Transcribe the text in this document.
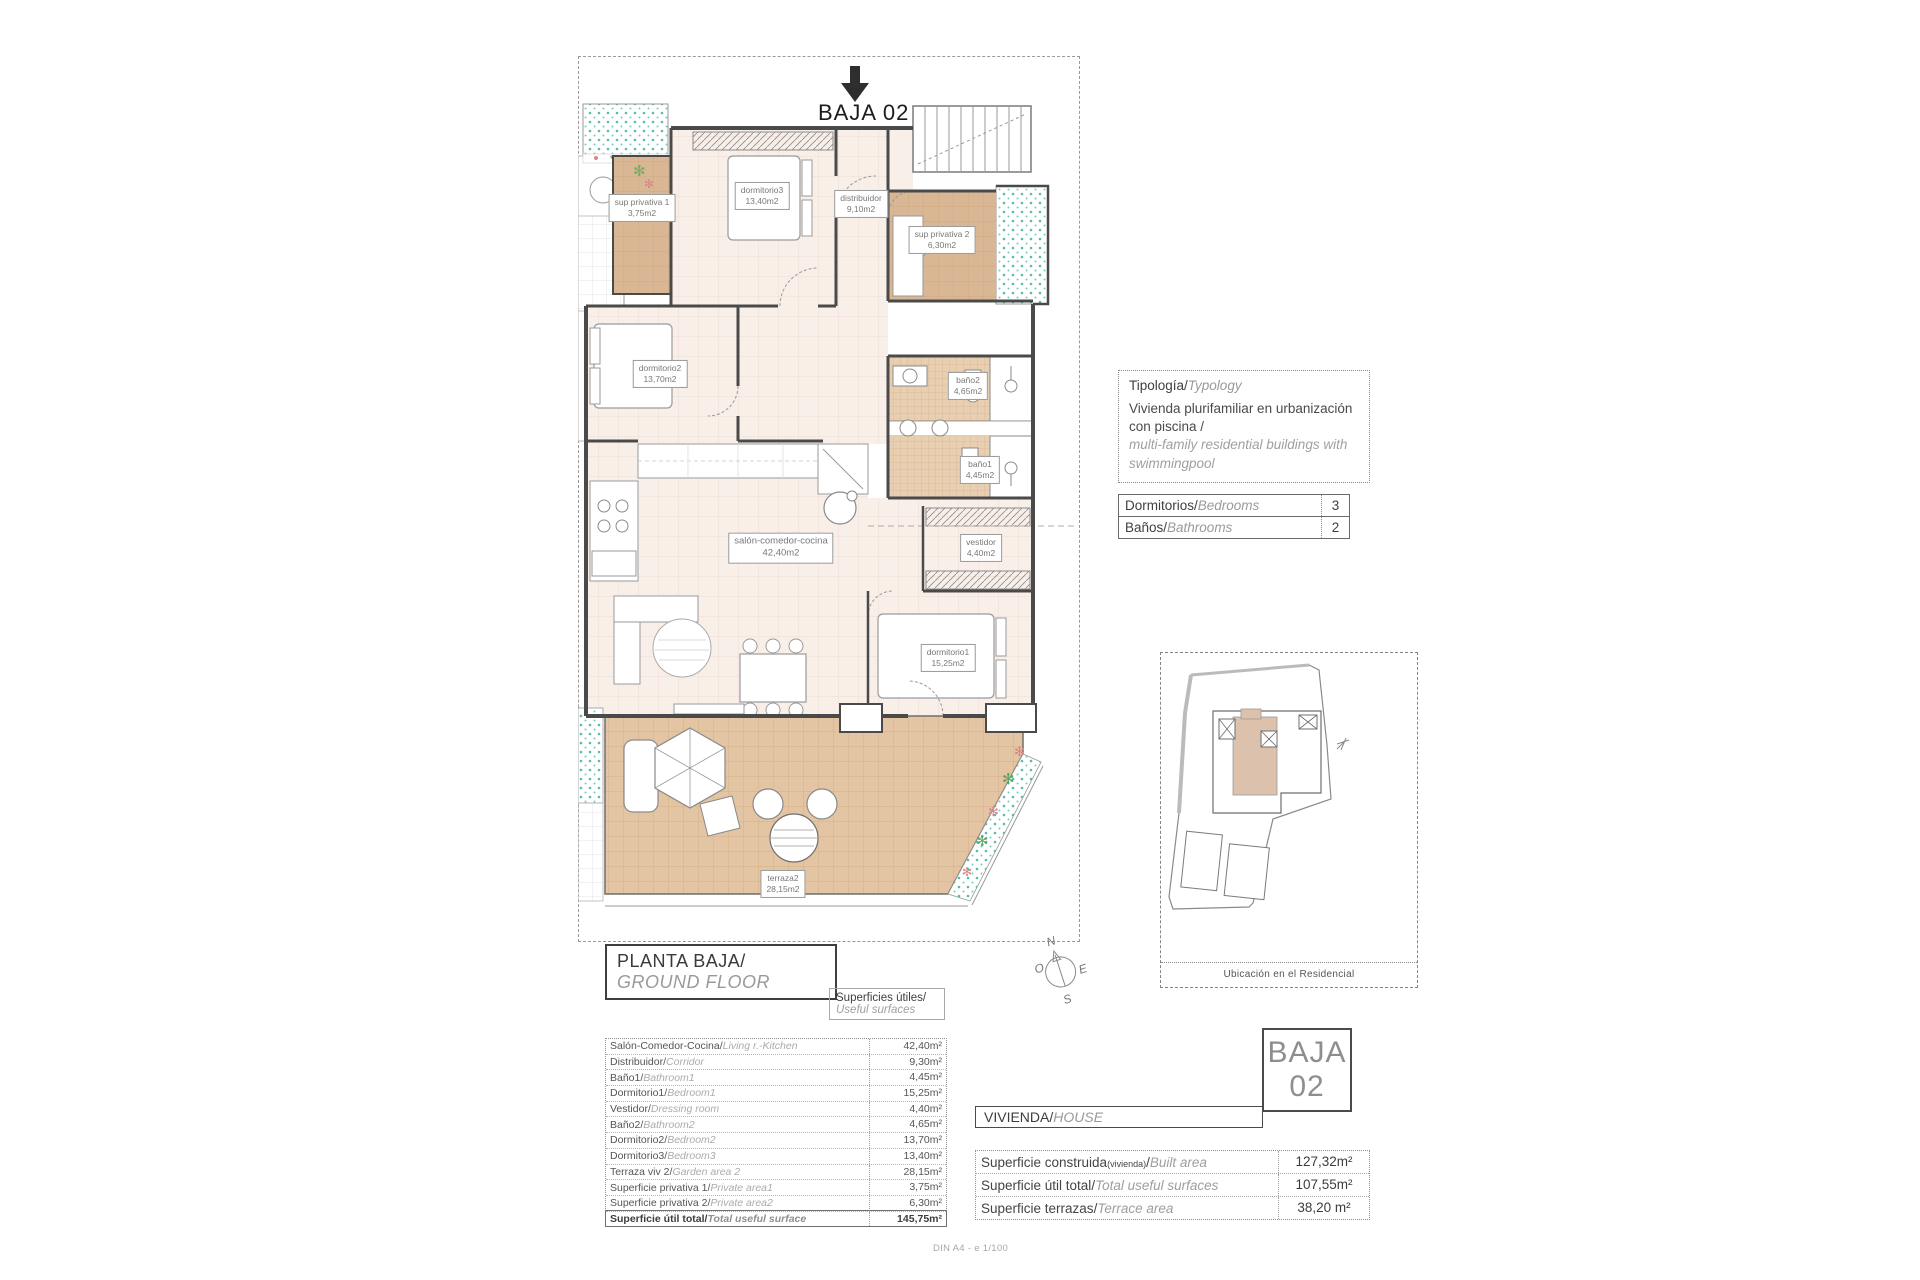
BAJA 02
✻
✻
✻
✻
✻
✻
✻
sup privativa 1
3,75m2
dormitorio3
13,40m2	distribuidor
9,10m2
sup privativa 2
6,30m2
dormitorio2
13,70m2	baño2
4,65m2
baño1
4,45m2
salón-comedor-cocina
42,40m2
vestidor
4,40m2
dormitorio1
15,25m2
terraza2
28,15m2
Tipología/Typology
Vivienda plurifamiliar en urbanización con piscina /
multi-family residential buildings with swimmingpool
Dormitorios/Bedrooms	3
Baños/Bathrooms	2
Ubicación en el Residencial
PLANTA BAJA/
GROUND FLOOR
N
O	E
S
Superficies útiles/
Useful surfaces
Salón-Comedor-Cocina/Living r.-Kitchen	42,40m²
Distribuidor/Corridor	9,30m²
Baño1/Bathroom1	4,45m²
Dormitorio1/Bedroom1	15,25m²
Vestidor/Dressing room	4,40m²
Baño2/Bathroom2	4,65m²
Dormitorio2/Bedroom2	13,70m²
Dormitorio3/Bedroom3	13,40m²
Terraza viv 2/Garden area 2	28,15m²
Superficie privativa 1/Private area1	3,75m²
Superficie privativa 2/Private area2	6,30m²
Superficie útil total/Total useful surface	145,75m²
BAJA
02
VIVIENDA/ HOUSE
Superficie construida(vivienda)/Built area	127,32m²
Superficie útil total/Total useful surfaces	107,55m²
Superficie terrazas/Terrace area	38,20 m²
DIN A4 - e 1/100
